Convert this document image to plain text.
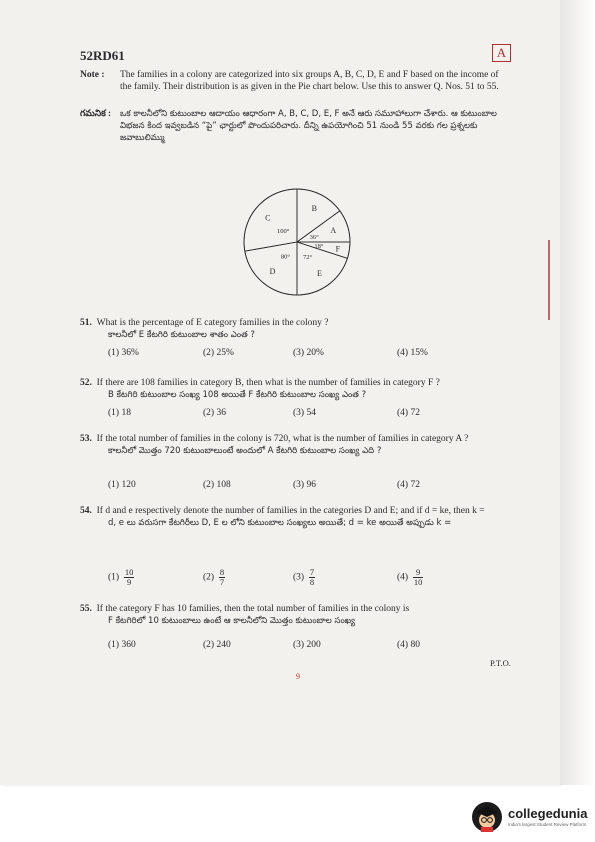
52RD61	A
Note : The families in a colony are categorized into six groups A, B, C, D, E and F based on the income of the family. Their distribution is as given in the Pie chart below. Use this to answer Q. Nos. 51 to 55.
గమనిక : ఒక కాలనీలోని కుటుంబాల ఆదాయం ఆధారంగా A, B, C, D, E, F అనే ఆరు సమూహాలుగా చేశారు. ఆ కుటుంబాల విభజన కింద ఇవ్వబడిన “పై” ఛార్టులో పొందుపరిచారు. దీన్ని ఉపయోగించి 51 నుండి 55 వరకు గల ప్రశ్నలకు జవాబులిమ్ము
B
A
36°
F
18°
E
72°
D
80°
C
100°
51. What is the percentage of E category families in the colony ?
కాలనీలో E కేటగిరి కుటుంబాల శాతం ఎంత ?
(1) 36%	(2) 25%	(3) 20%	(4) 15%
52. If there are 108 families in category B, then what is the number of families in category F ?
B కేటగిరి కుటుంబాల సంఖ్య 108 అయితే F కేటగిరి కుటుంబాల సంఖ్య ఎంత ?
(1) 18	(2) 36	(3) 54	(4) 72
53. If the total number of families in the colony is 720, what is the number of families in category A ?
కాలనీలో మొత్తం 720 కుటుంబాలుంటే అందులో A కేటగిరి కుటుంబాల సంఖ్య ఎది ?
(1) 120	(2) 108	(3) 96	(4) 72
54. If d and e respectively denote the number of families in the categories D and E; and if d = ke, then k =
d, e లు వరుసగా కేటగిరీలు D, E ల లోని కుటుంబాల సంఖ్యలు అయితే; d = ke అయితే అప్పుడు k =
$(1) \frac{10}{9}$	$(2) \frac{8}{7}$	$(3) \frac{7}{8}$	$(4) \frac{9}{10}$
55. If the category F has 10 families, then the total number of families in the colony is
F కేటగిరిలో 10 కుటుంబాలు ఉంటే ఆ కాలనీలోని మొత్తం కుటుంబాల సంఖ్య
(1) 360	(2) 240	(3) 200	(4) 80
P.T.O.
9
collegedunia
India's largest Student Review Platform
